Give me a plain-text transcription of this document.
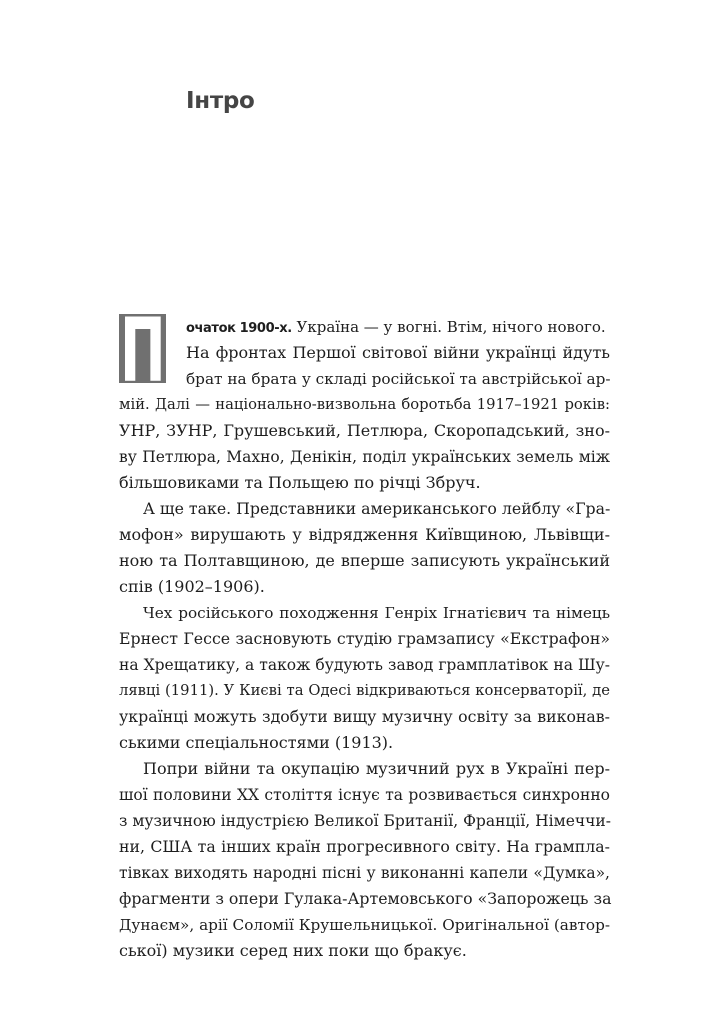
Інтро
П очаток 1900-х. Україна — у вогні. Втім, нічого нового.
На фронтах Першої світової війни українці йдуть
брат на брата у складі російської та австрійської ар-
мій. Далі — національно-визвольна боротьба 1917–1921 років:
УНР, ЗУНР, Грушевський, Петлюра, Скоропадський, зно-
ву Петлюра, Махно, Денікін, поділ українських земель між
більшовиками та Польщею по річці Збруч.
А ще таке. Представники американського лейблу «Гра-
мофон» вирушають у відрядження Київщиною, Львівщи-
ною та Полтавщиною, де вперше записують український
спів (1902–1906).
Чех російського походження Генріх Ігнатієвич та німець
Ернест Гессе засновують студію грамзапису «Екстрафон»
на Хрещатику, а також будують завод грамплатівок на Шу-
лявці (1911). У Києві та Одесі відкриваються консерваторії, де
українці можуть здобути вищу музичну освіту за виконав-
ськими спеціальностями (1913).
Попри війни та окупацію музичний рух в Україні пер-
шої половини ХХ століття існує та розвивається синхронно
з музичною індустрією Великої Британії, Франції, Німеччи-
ни, США та інших країн прогресивного світу. На грампла-
тівках виходять народні пісні у виконанні капели «Думка»,
фрагменти з опери Гулака-Артемовського «Запорожець за
Дунаєм», арії Соломії Крушельницької. Оригінальної (автор-
ської) музики серед них поки що бракує.
